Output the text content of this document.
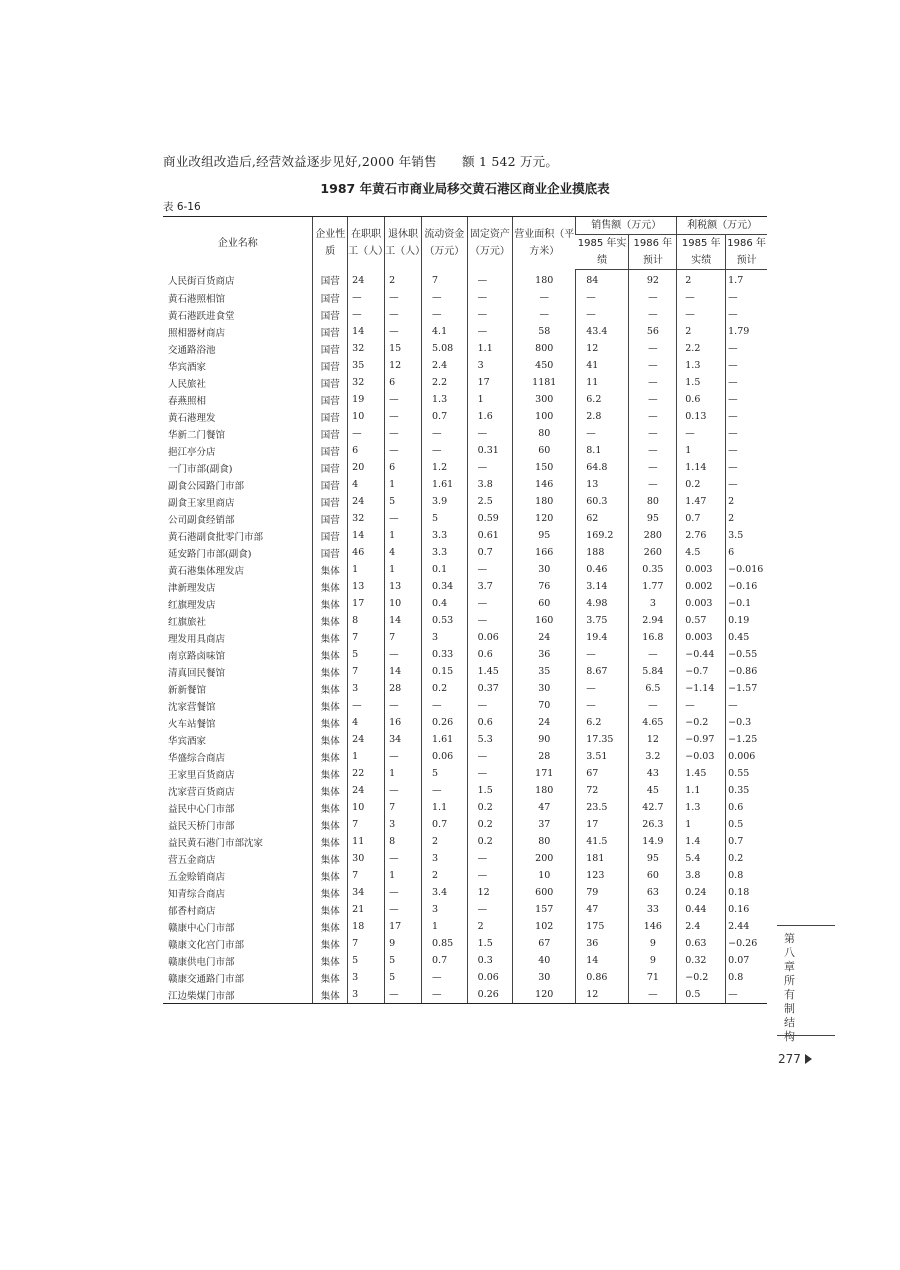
商业改组改造后,经营效益逐步见好,2000 年销售　　额 1 542 万元。
1987 年黄石市商业局移交黄石港区商业企业摸底表
表 6-16
企业名称	企业性质	在职职工（人）	退休职工（人）	流动资金（万元）	固定资产（万元）	营业面积（平方米）	销售额（万元）		利税额（万元）	
							1985 年实绩	1986 年预计	1985 年实绩	1986 年预计
人民街百货商店	国营	24	2	7	—	180	84	92	2	1.7
黄石港照相馆	国营	—	—	—	—	—	—	—	—	—
黄石港跃进食堂	国营	—	—	—	—	—	—	—	—	—
照相器材商店	国营	14	—	4.1	—	58	43.4	56	2	1.79
交通路浴池	国营	32	15	5.08	1.1	800	12	—	2.2	—
华宾酒家	国营	35	12	2.4	3	450	41	—	1.3	—
人民旅社	国营	32	6	2.2	17	1181	11	—	1.5	—
春燕照相	国营	19	—	1.3	1	300	6.2	—	0.6	—
黄石港理发	国营	10	—	0.7	1.6	100	2.8	—	0.13	—
华新二门餐馆	国营	—	—	—	—	80	—	—	—	—
挹江亭分店	国营	6	—	—	0.31	60	8.1	—	1	—
一门市部(副食)	国营	20	6	1.2	—	150	64.8	—	1.14	—
副食公园路门市部	国营	4	1	1.61	3.8	146	13	—	0.2	—
副食王家里商店	国营	24	5	3.9	2.5	180	60.3	80	1.47	2
公司副食经销部	国营	32	—	5	0.59	120	62	95	0.7	2
黄石港副食批零门市部	国营	14	1	3.3	0.61	95	169.2	280	2.76	3.5
延安路门市部(副食)	国营	46	4	3.3	0.7	166	188	260	4.5	6
黄石港集体理发店	集体	1	1	0.1	—	30	0.46	0.35	0.003	−0.016
津新理发店	集体	13	13	0.34	3.7	76	3.14	1.77	0.002	−0.16
红旗理发店	集体	17	10	0.4	—	60	4.98	3	0.003	−0.1
红旗旅社	集体	8	14	0.53	—	160	3.75	2.94	0.57	0.19
理发用具商店	集体	7	7	3	0.06	24	19.4	16.8	0.003	0.45
南京路卤味馆	集体	5	—	0.33	0.6	36	—	—	−0.44	−0.55
清真回民餐馆	集体	7	14	0.15	1.45	35	8.67	5.84	−0.7	−0.86
新新餐馆	集体	3	28	0.2	0.37	30	—	6.5	−1.14	−1.57
沈家营餐馆	集体	—	—	—	—	70	—	—	—	—
火车站餐馆	集体	4	16	0.26	0.6	24	6.2	4.65	−0.2	−0.3
华宾酒家	集体	24	34	1.61	5.3	90	17.35	12	−0.97	−1.25
华盛综合商店	集体	1	—	0.06	—	28	3.51	3.2	−0.03	0.006
王家里百货商店	集体	22	1	5	—	171	67	43	1.45	0.55
沈家营百货商店	集体	24	—	—	1.5	180	72	45	1.1	0.35
益民中心门市部	集体	10	7	1.1	0.2	47	23.5	42.7	1.3	0.6
益民天桥门市部	集体	7	3	0.7	0.2	37	17	26.3	1	0.5
益民黄石港门市部沈家	集体	11	8	2	0.2	80	41.5	14.9	1.4	0.7
营五金商店	集体	30	—	3	—	200	181	95	5.4	0.2
五金赊销商店	集体	7	1	2	—	10	123	60	3.8	0.8
知青综合商店	集体	34	—	3.4	12	600	79	63	0.24	0.18
郁香村商店	集体	21	—	3	—	157	47	33	0.44	0.16
赣康中心门市部	集体	18	17	1	2	102	175	146	2.4	2.44
赣康文化宫门市部	集体	7	9	0.85	1.5	67	36	9	0.63	−0.26
赣康供电门市部	集体	5	5	0.7	0.3	40	14	9	0.32	0.07
赣康交通路门市部	集体	3	5	—	0.06	30	0.86	71	−0.2	0.8
江边柴煤门市部	集体	3	—	—	0.26	120	12	—	0.5	—
第八章　所有制结构
277
